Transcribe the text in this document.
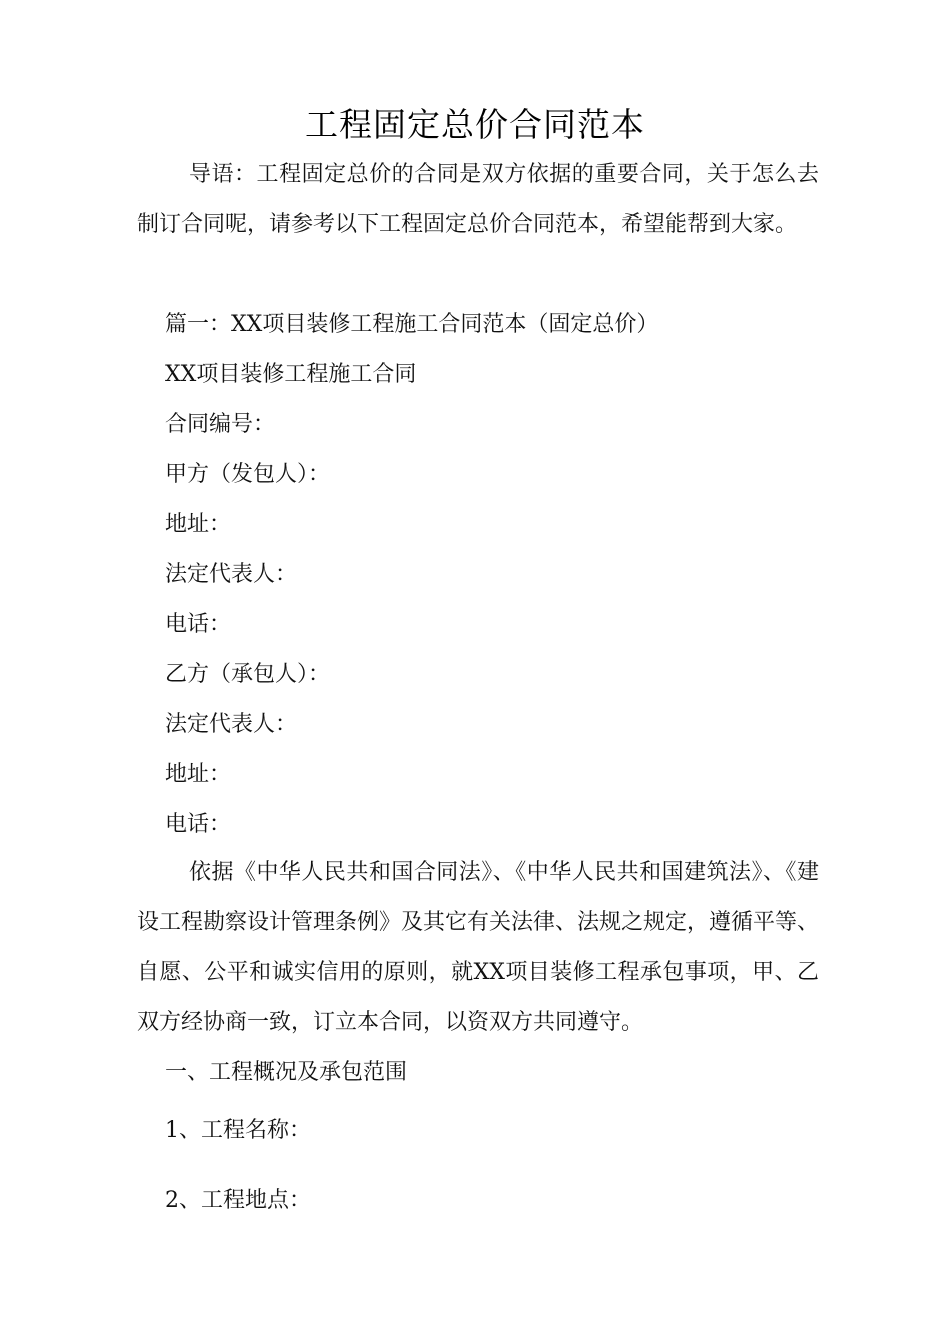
工程固定总价合同范本
导语：工程固定总价的合同是双方依据的重要合同，关于怎么去制订合同呢，请参考以下工程固定总价合同范本，希望能帮到大家。
篇一：XX项目装修工程施工合同范本（固定总价）
XX项目装修工程施工合同
合同编号：
甲方（发包人）：
地址：
法定代表人：
电话：
乙方（承包人）：
法定代表人：
地址：
电话：
依据《中华人民共和国合同法》、《中华人民共和国建筑法》、《建设工程勘察设计管理条例》及其它有关法律、法规之规定，遵循平等、自愿、公平和诚实信用的原则，就XX项目装修工程承包事项，甲、乙双方经协商一致，订立本合同，以资双方共同遵守。
一、工程概况及承包范围
1、工程名称：
2、工程地点：
